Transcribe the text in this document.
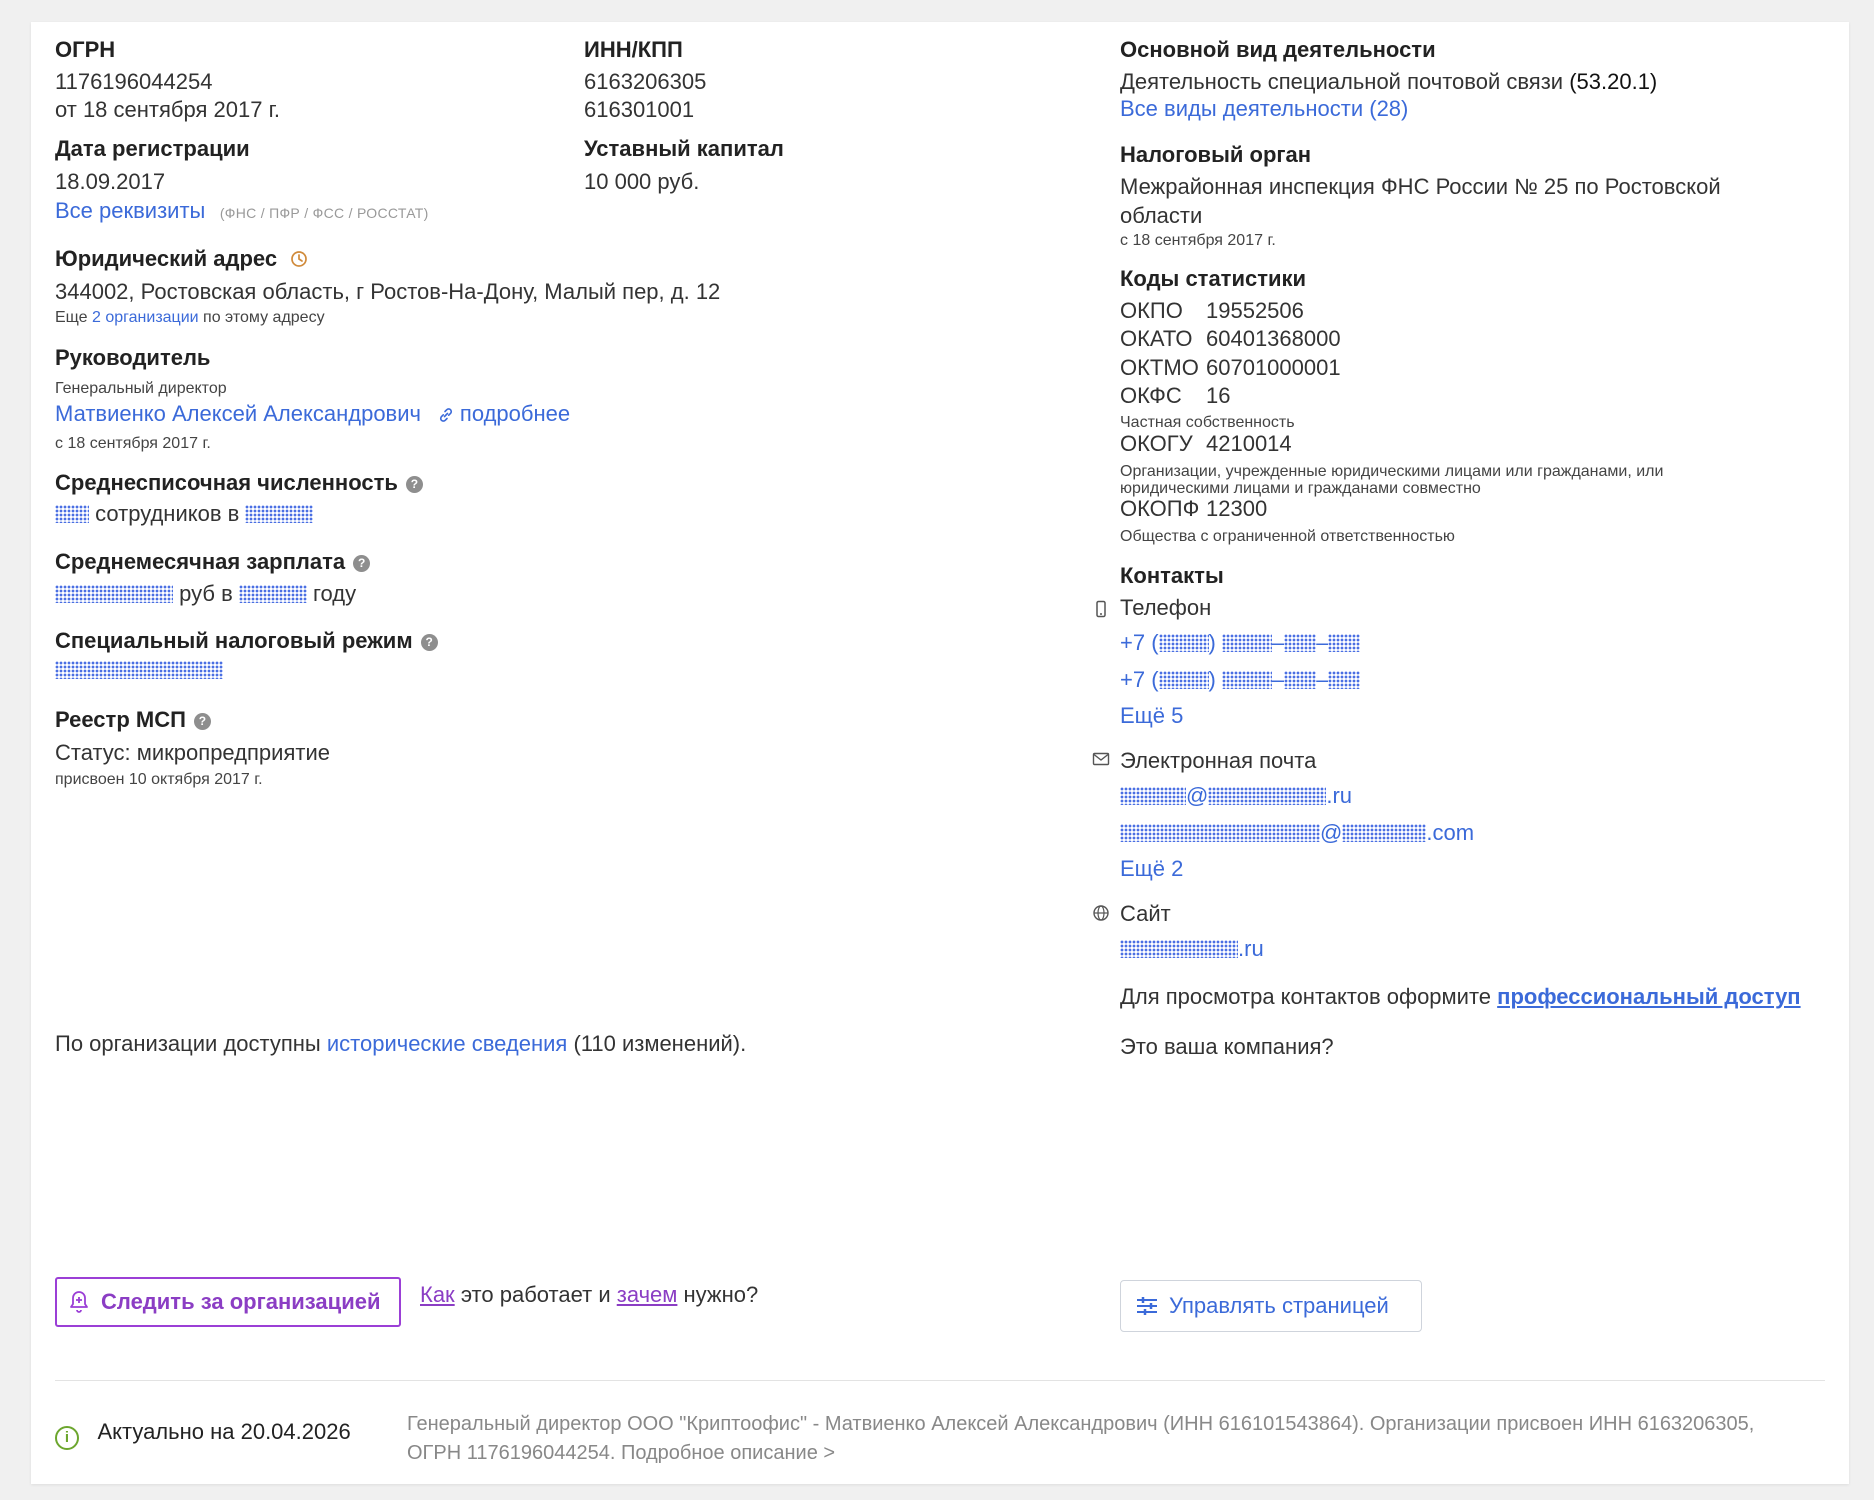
ОГРН
1176196044254
от 18 сентября 2017 г.
ИНН/КПП
6163206305
616301001
Дата регистрации
18.09.2017
Уставный капитал
10 000 руб.
Все реквизиты (ФНС / ПФР / ФСС / РОССТАТ)
Юридический адрес
344002, Ростовская область, г Ростов-На-Дону, Малый пер, д. 12
Еще 2 организации по этому адресу
Руководитель
Генеральный директор
Матвиенко Алексей Александрович подробнее
с 18 сентября 2017 г.
Среднесписочная численность ?
сотрудников в
Среднемесячная зарплата ?
руб в	году
Специальный налоговый режим ?
Реестр МСП ?
Статус: микропредприятие
присвоен 10 октября 2017 г.
По организации доступны исторические сведения (110 изменений).
Следить за организацией Как это работает и зачем нужно?
Основной вид деятельности
Деятельность специальной почтовой связи (53.20.1)
Все виды деятельности (28)
Налоговый орган
Межрайонная инспекция ФНС России № 25 по Ростовской
области
с 18 сентября 2017 г.
Коды статистики
ОКПО 19552506
ОКАТО 60401368000
ОКТМО 60701000001
ОКФС 16
Частная собственность
ОКОГУ 4210014
Организации, учрежденные юридическими лицами или гражданами, или
юридическими лицами и гражданами совместно
ОКОПФ 12300
Общества с ограниченной ответственностью
Контакты
Телефон
+7 ( )	– –
+7 ( )	– –
Ещё 5
Электронная почта
@	.ru
@	.com
Ещё 2
Сайт
.ru
Для просмотра контактов оформите профессиональный доступ
Это ваша компания?
Управлять страницей
i Актуально на 20.04.2026	Генеральный директор ООО "Криптоофис" - Матвиенко Алексей Александрович (ИНН 616101543864). Организации присвоен ИНН 6163206305,
ОГРН 1176196044254. Подробное описание >
